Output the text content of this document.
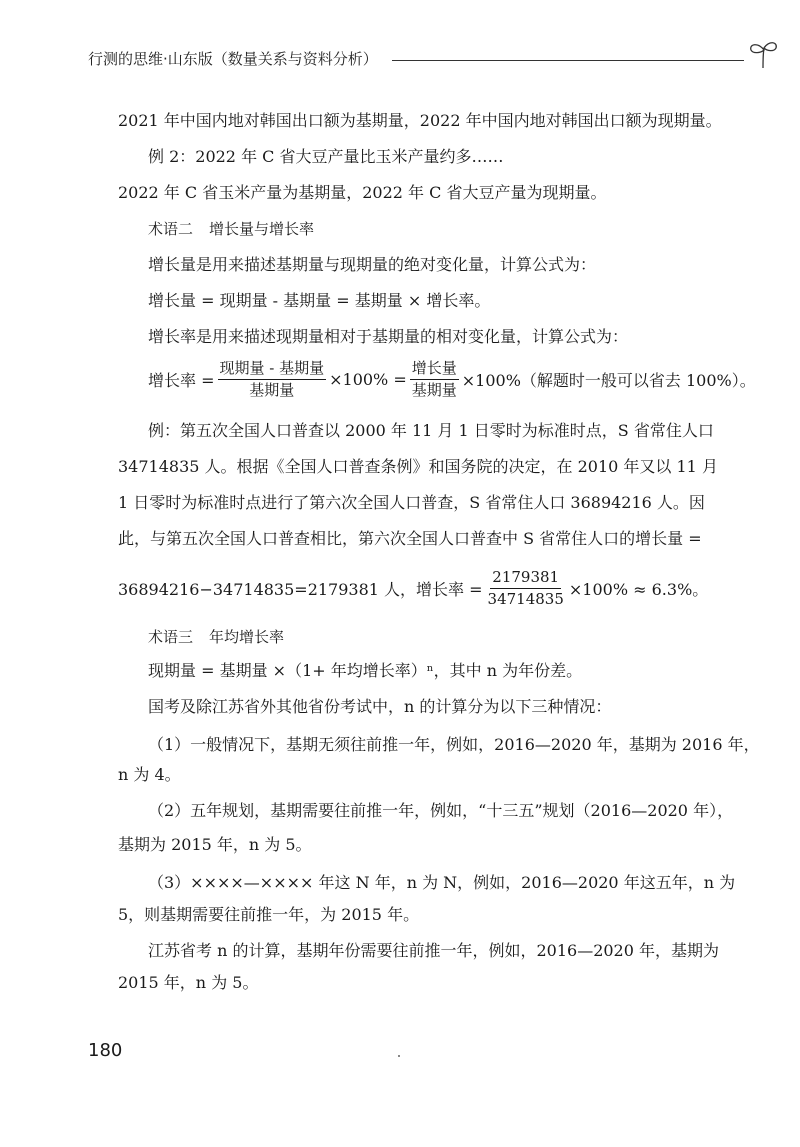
行测的思维·山东版（数量关系与资料分析）
2021 年中国内地对韩国出口额为基期量，2022 年中国内地对韩国出口额为现期量。
例 2：2022 年 C 省大豆产量比玉米产量约多……
2022 年 C 省玉米产量为基期量，2022 年 C 省大豆产量为现期量。
术语二 增长量与增长率
增长量是用来描述基期量与现期量的绝对变化量，计算公式为：
增长量 = 现期量 - 基期量 = 基期量 × 增长率。
增长率是用来描述现期量相对于基期量的相对变化量，计算公式为：
增长率 = $\frac{\text{现期量 - 基期量}}{\text{基期量}} \times 100\% = \frac{\text{增长量}}{\text{基期量}} \times 100\%$（解题时一般可以省去 100%）。
例：第五次全国人口普查以 2000 年 11 月 1 日零时为标准时点，S 省常住人口
34714835 人。根据《全国人口普查条例》和国务院的决定，在 2010 年又以 11 月
1 日零时为标准时点进行了第六次全国人口普查，S 省常住人口 36894216 人。因
此，与第五次全国人口普查相比，第六次全国人口普查中 S 省常住人口的增长量 =
36894216−34714835=2179381 人，增长率 = $\frac{2179381}{34714835} \times 100\% \approx 6.3\%$。
术语三 年均增长率
现期量 = 基期量 ×（1+ 年均增长率）ⁿ，其中 n 为年份差。
国考及除江苏省外其他省份考试中，n 的计算分为以下三种情况：
（1）一般情况下，基期无须往前推一年，例如，2016—2020 年，基期为 2016 年，
n 为 4。
（2）五年规划，基期需要往前推一年，例如，“十三五”规划（2016—2020 年），
基期为 2015 年，n 为 5。
（3）××××—×××× 年这 N 年，n 为 N，例如，2016—2020 年这五年，n 为
5，则基期需要往前推一年，为 2015 年。
江苏省考 n 的计算，基期年份需要往前推一年，例如，2016—2020 年，基期为
2015 年，n 为 5。
180
